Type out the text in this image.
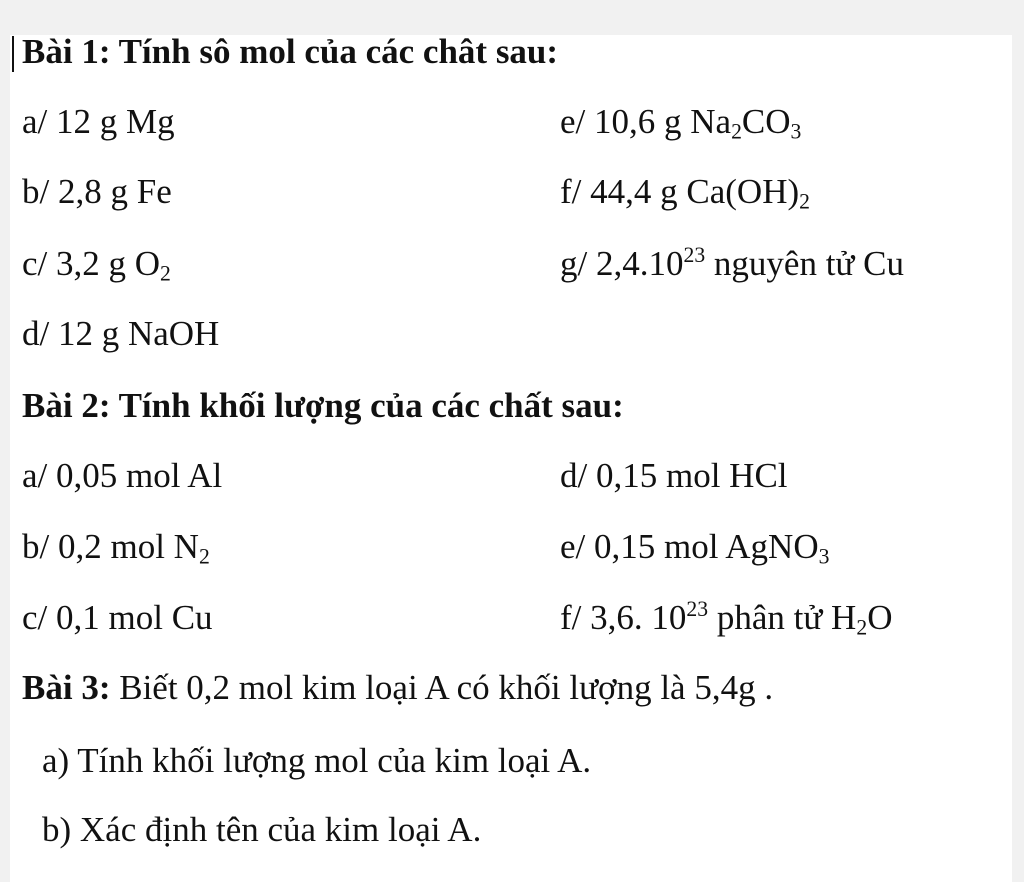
Bài 1: Tính sô mol của các chât sau:
a/ 12 g Mg
b/ 2,8 g Fe
c/ 3,2 g $O_2$
d/ 12 g NaOH
e/ 10,6 g $Na_2CO_3$
f/ 44,4 g $Ca(OH)_2$
g/ 2,4.10$^{23}$ nguyên tử Cu
Bài 2: Tính khối lượng của các chất sau:
a/ 0,05 mol Al
b/ 0,2 mol $N_2$
c/ 0,1 mol Cu
d/ 0,15 mol HCl
e/ 0,15 mol AgNO$_3$
f/ 3,6. $10^{23}$ phân tử $H_2O$
Bài 3: Biết 0,2 mol kim loại A có khối lượng là 5,4g .
a) Tính khối lượng mol của kim loại A.
b) Xác định tên của kim loại A.
